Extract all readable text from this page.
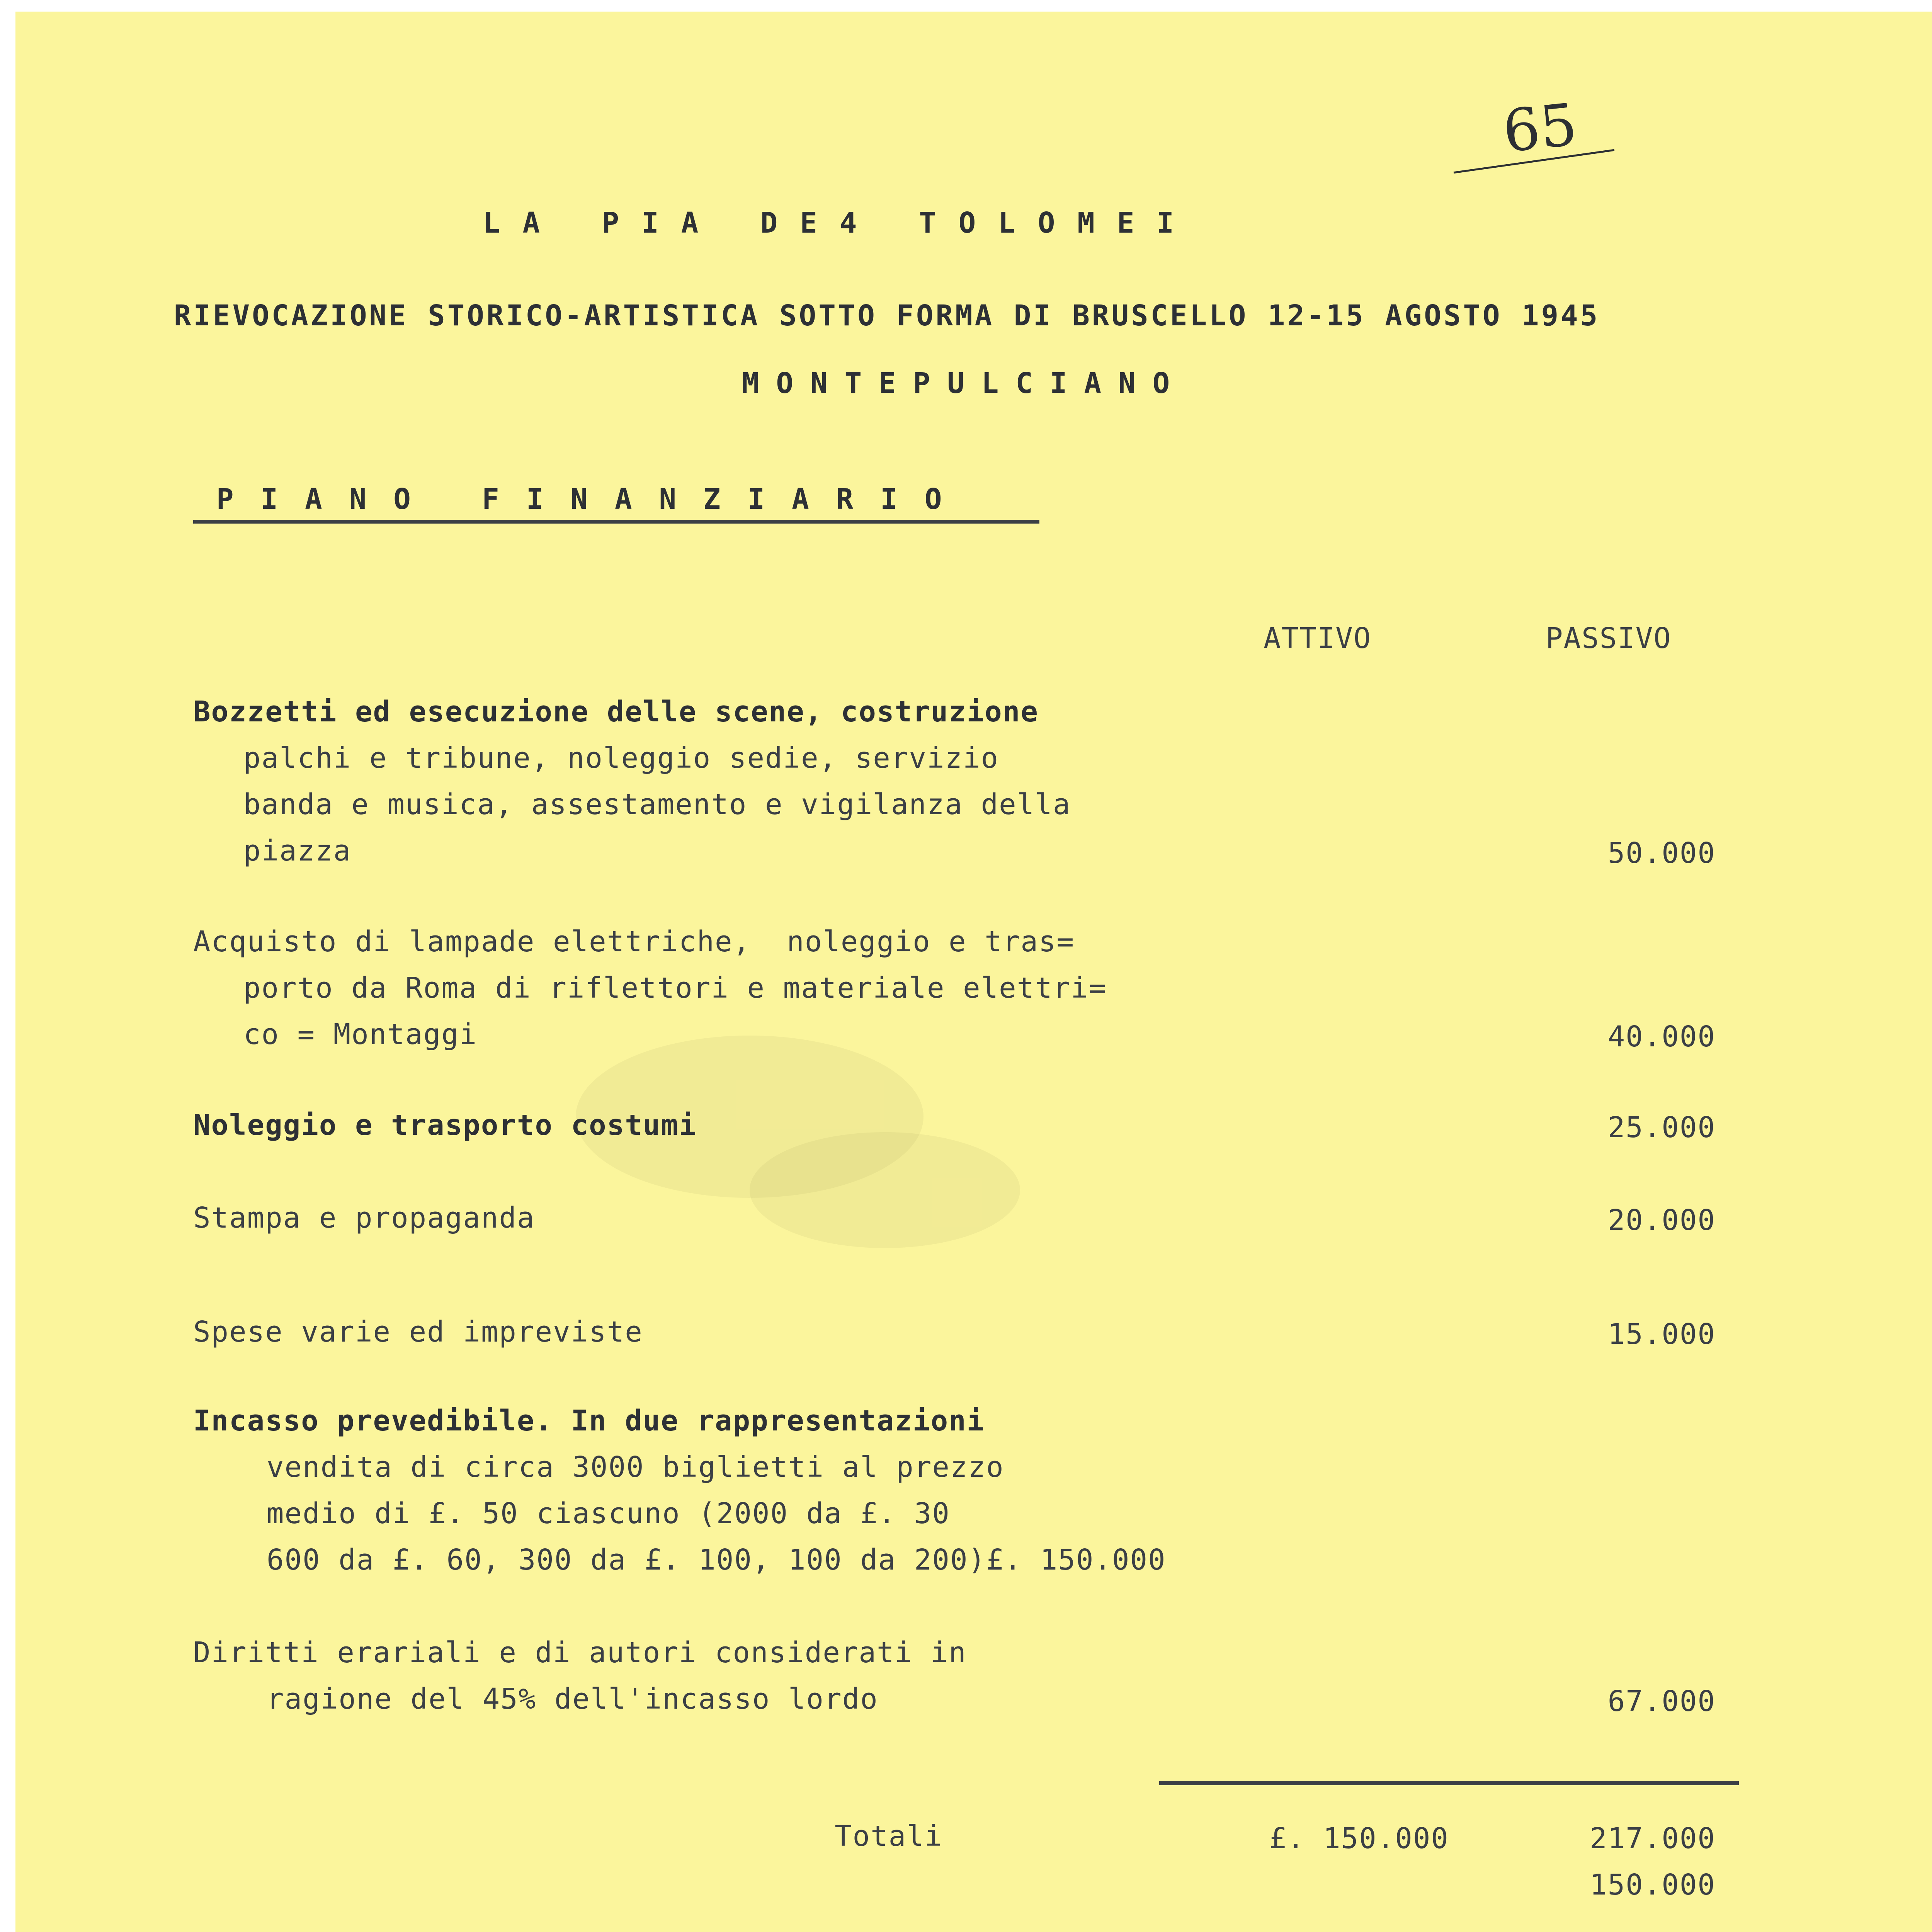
65
LA PIA DE4 TOLOMEI
RIEVOCAZIONE STORICO-ARTISTICA SOTTO FORMA DI BRUSCELLO 12-15 AGOSTO 1945
MONTEPULCIANO
PIANO FINANZIARIO
ATTIVO	PASSIVO
Bozzetti ed esecuzione delle scene, costruzione
palchi e tribune, noleggio sedie, servizio
banda e musica, assestamento e vigilanza della
piazza	50.000
Acquisto di lampade elettriche,  noleggio e tras=
porto da Roma di riflettori e materiale elettri=
co = Montaggi	40.000
Noleggio e trasporto costumi	25.000
Stampa e propaganda	20.000
Spese varie ed impreviste	15.000
Incasso prevedibile. In due rappresentazioni
vendita di circa 3000 biglietti al prezzo
medio di £. 50 ciascuno (2000 da £. 30
600 da £. 60, 300 da £. 100, 100 da 200)£. 150.000
Diritti erariali e di autori considerati in
ragione del 45% dell'incasso lordo	67.000
Totali	£. 150.000	217.000
150.000
